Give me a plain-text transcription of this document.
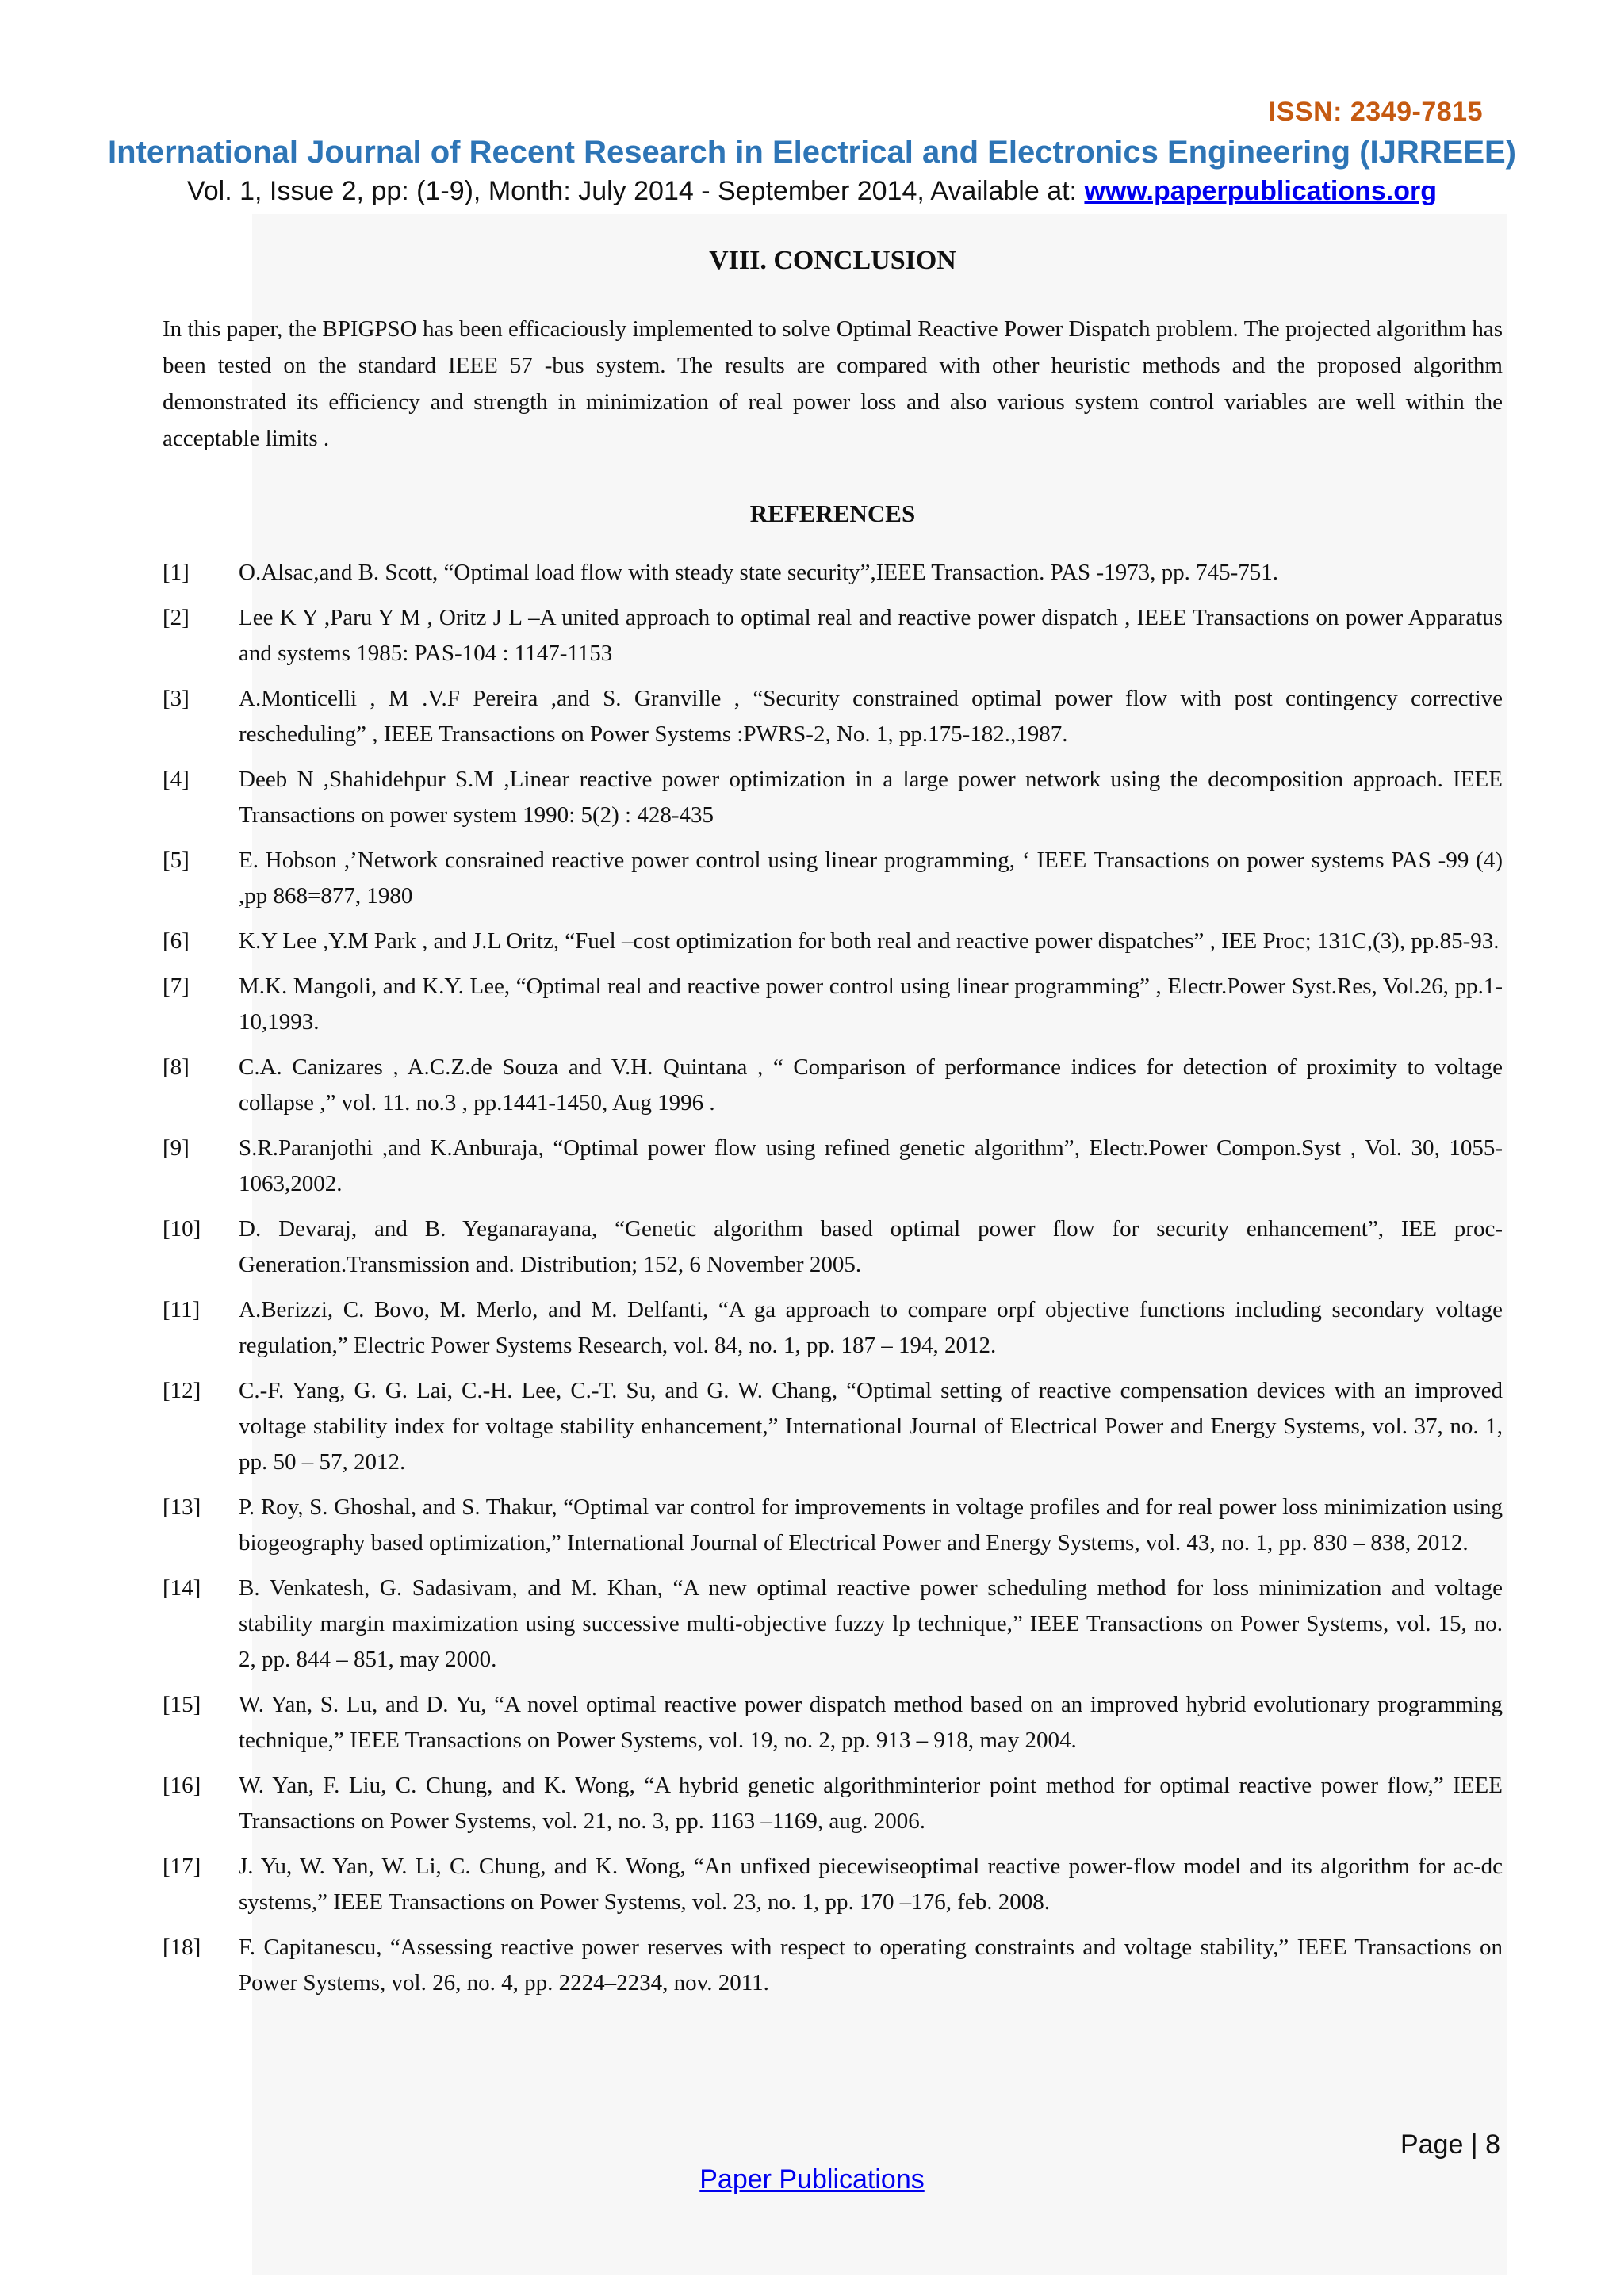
ISSN: 2349-7815
International Journal of Recent Research in Electrical and Electronics Engineering (IJRREEE)
Vol. 1, Issue 2, pp: (1-9), Month: July 2014 - September 2014, Available at: www.paperpublications.org
VIII. CONCLUSION

In this paper, the BPIGPSO has been efficaciously implemented to solve Optimal Reactive Power Dispatch problem. The projected algorithm has been tested on the standard IEEE 57 -bus system. The results are compared with other heuristic methods and the proposed algorithm demonstrated its efficiency and strength in minimization of real power loss and also various system control variables are well within the acceptable limits .

REFERENCES
[1]	O.Alsac,and B. Scott, “Optimal load flow with steady state security”,IEEE Transaction. PAS -1973, pp. 745-751.
[2]	Lee K Y ,Paru Y M , Oritz J L –A united approach to optimal real and reactive power dispatch , IEEE Transactions on power Apparatus and systems 1985: PAS-104 : 1147-1153
[3]	A.Monticelli , M .V.F Pereira ,and S. Granville , “Security constrained optimal power flow with post contingency corrective rescheduling” , IEEE Transactions on Power Systems :PWRS-2, No. 1, pp.175-182.,1987.
[4]	Deeb N ,Shahidehpur S.M ,Linear reactive power optimization in a large power network using the decomposition approach. IEEE Transactions on power system 1990: 5(2) : 428-435
[5]	E. Hobson ,’Network consrained reactive power control using linear programming, ‘ IEEE Transactions on power systems PAS -99 (4) ,pp 868=877, 1980
[6]	K.Y Lee ,Y.M Park , and J.L Oritz, “Fuel –cost optimization for both real and reactive power dispatches” , IEE Proc; 131C,(3), pp.85-93.
[7]	M.K. Mangoli, and K.Y. Lee, “Optimal real and reactive power control using linear programming” , Electr.Power Syst.Res, Vol.26, pp.1-10,1993.
[8]	C.A. Canizares , A.C.Z.de Souza and V.H. Quintana , “ Comparison of performance indices for detection of proximity to voltage collapse ,” vol. 11. no.3 , pp.1441-1450, Aug 1996 .
[9]	S.R.Paranjothi ,and K.Anburaja, “Optimal power flow using refined genetic algorithm”, Electr.Power Compon.Syst , Vol. 30, 1055-1063,2002.
[10]	D. Devaraj, and B. Yeganarayana, “Genetic algorithm based optimal power flow for security enhancement”, IEE proc-Generation.Transmission and. Distribution; 152, 6 November 2005.
[11]	A.Berizzi, C. Bovo, M. Merlo, and M. Delfanti, “A ga approach to compare orpf objective functions including secondary voltage regulation,” Electric Power Systems Research, vol. 84, no. 1, pp. 187 – 194, 2012.
[12]	C.-F. Yang, G. G. Lai, C.-H. Lee, C.-T. Su, and G. W. Chang, “Optimal setting of reactive compensation devices with an improved voltage stability index for voltage stability enhancement,” International Journal of Electrical Power and Energy Systems, vol. 37, no. 1, pp. 50 – 57, 2012.
[13]	P. Roy, S. Ghoshal, and S. Thakur, “Optimal var control for improvements in voltage profiles and for real power loss minimization using biogeography based optimization,” International Journal of Electrical Power and Energy Systems, vol. 43, no. 1, pp. 830 – 838, 2012.
[14]	B. Venkatesh, G. Sadasivam, and M. Khan, “A new optimal reactive power scheduling method for loss minimization and voltage stability margin maximization using successive multi-objective fuzzy lp technique,” IEEE Transactions on Power Systems, vol. 15, no. 2, pp. 844 – 851, may 2000.
[15]	W. Yan, S. Lu, and D. Yu, “A novel optimal reactive power dispatch method based on an improved hybrid evolutionary programming technique,” IEEE Transactions on Power Systems, vol. 19, no. 2, pp. 913 – 918, may 2004.
[16]	W. Yan, F. Liu, C. Chung, and K. Wong, “A hybrid genetic algorithminterior point method for optimal reactive power flow,” IEEE Transactions on Power Systems, vol. 21, no. 3, pp. 1163 –1169, aug. 2006.
[17]	J. Yu, W. Yan, W. Li, C. Chung, and K. Wong, “An unfixed piecewiseoptimal reactive power-flow model and its algorithm for ac-dc systems,” IEEE Transactions on Power Systems, vol. 23, no. 1, pp. 170 –176, feb. 2008.
[18]	F. Capitanescu, “Assessing reactive power reserves with respect to operating constraints and voltage stability,” IEEE Transactions on Power Systems, vol. 26, no. 4, pp. 2224–2234, nov. 2011.
Page | 8
Paper Publications
